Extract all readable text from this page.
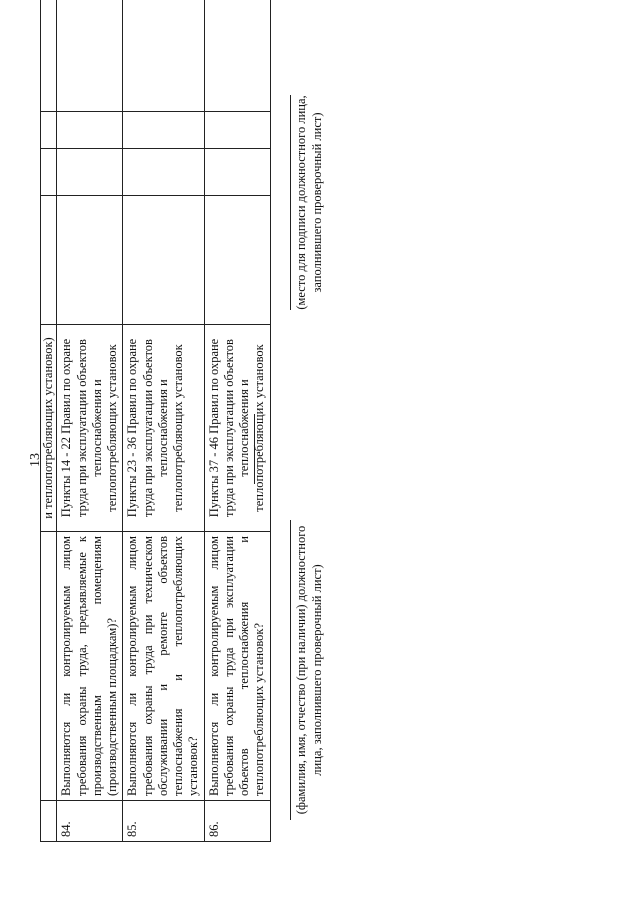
13

		и теплопотребляющих установок)				

84.	Выполняются ли контролируемым лицом требования охраны труда, предъявляемые к производственным помещениям (производственным площадкам)?	Пункты 14 - 22 Правил по охране труда при эксплуатации объектов теплоснабжения и теплопотребляющих установок				
85.	Выполняются ли контролируемым лицом требования охраны труда при техническом обслуживании и ремонте объектов теплоснабжения и теплопотребляющих установок?	Пункты 23 - 36 Правил по охране труда при эксплуатации объектов теплоснабжения и теплопотребляющих установок				
86.	Выполняются ли контролируемым лицом требования охраны труда при эксплуатации объектов теплоснабжения и теплопотребляющих установок?	Пункты 37 - 46 Правил по охране труда при эксплуатации объектов теплоснабжения и теплопотребляющих установок				
(фамилия, имя, отчество (при наличии) должностного лица, заполнившего проверочный лист)
(место для подписи должностного лица, заполнившего проверочный лист)
